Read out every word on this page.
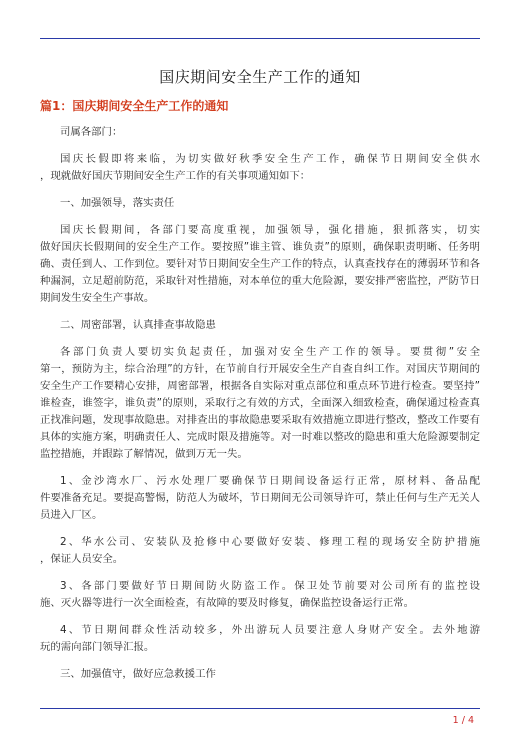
国庆期间安全生产工作的通知
篇1：国庆期间安全生产工作的通知
司属各部门：
国庆长假即将来临，为切实做好秋季安全生产工作，确保节日期间安全供水
，现就做好国庆节期间安全生产工作的有关事项通知如下：
一、加强领导，落实责任
国庆长假期间，各部门要高度重视，加强领导，强化措施，狠抓落实，切实
做好国庆长假期间的安全生产工作。要按照”谁主管、谁负责”的原则，确保职责明晰、任务明
确、责任到人、工作到位。要针对节日期间安全生产工作的特点，认真查找存在的薄弱环节和各
种漏洞，立足超前防范，采取针对性措施，对本单位的重大危险源，要安排严密监控，严防节日
期间发生安全生产事故。
二、周密部署，认真排查事故隐患
各部门负责人要切实负起责任，加强对安全生产工作的领导。要贯彻”安全
第一，预防为主，综合治理”的方针，在节前自行开展安全生产自查自纠工作。对国庆节期间的
安全生产工作要精心安排，周密部署，根据各自实际对重点部位和重点环节进行检查。要坚持”
谁检查，谁签字，谁负责”的原则，采取行之有效的方式，全面深入细致检查，确保通过检查真
正找准问题，发现事故隐患。对排查出的事故隐患要采取有效措施立即进行整改，整改工作要有
具体的实施方案，明确责任人、完成时限及措施等。对一时难以整改的隐患和重大危险源要制定
监控措施，并跟踪了解情况，做到万无一失。
1、金沙湾水厂、污水处理厂要确保节日期间设备运行正常，原材料、备品配
件要准备充足。要提高警惕，防范人为破坏，节日期间无公司领导许可，禁止任何与生产无关人
员进入厂区。
2、华水公司、安装队及抢修中心要做好安装、修理工程的现场安全防护措施
，保证人员安全。
3、各部门要做好节日期间防火防盗工作。保卫处节前要对公司所有的监控设
施、灭火器等进行一次全面检查，有故障的要及时修复，确保监控设备运行正常。
4、节日期间群众性活动较多，外出游玩人员要注意人身财产安全。去外地游
玩的需向部门领导汇报。
三、加强值守，做好应急救援工作
1 / 4
